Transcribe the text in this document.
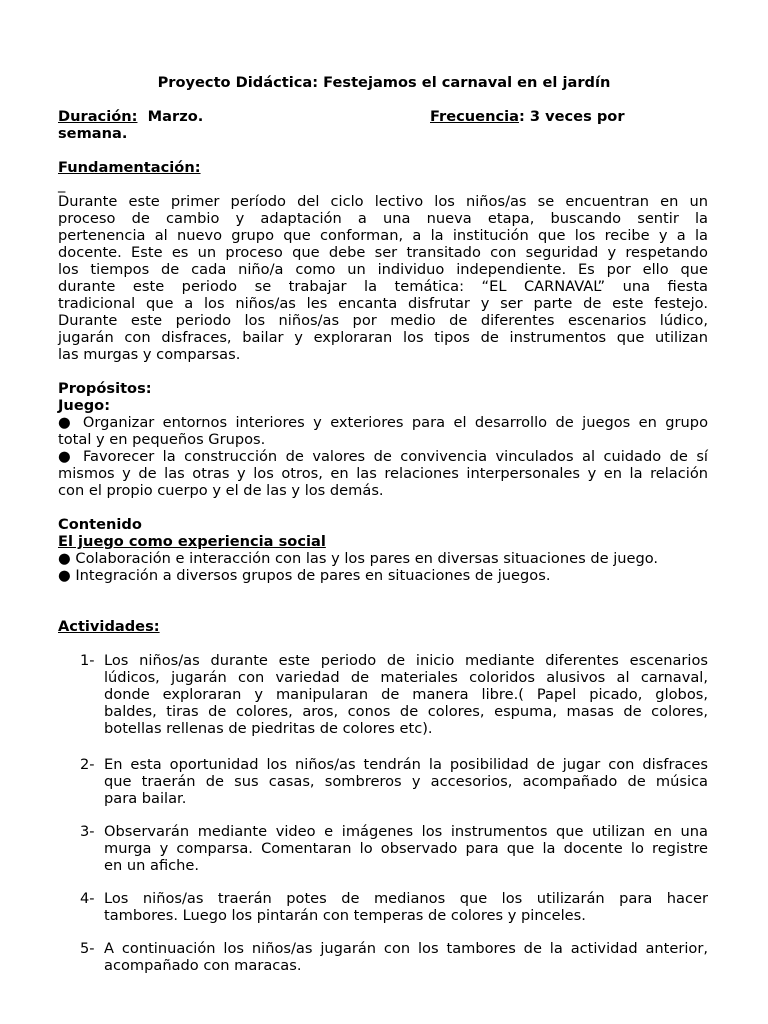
Proyecto Didáctica: Festejamos el carnaval en el jardín
Duración:  Marzo.	Frecuencia: 3 veces por
semana.
Fundamentación:
_
Durante este primer período del ciclo lectivo los niños/as se encuentran en un
proceso de cambio y adaptación a una nueva etapa, buscando sentir la
pertenencia al nuevo grupo que conforman, a la institución que los recibe y a la
docente. Este es un proceso que debe ser transitado con seguridad y respetando
los tiempos de cada niño/a como un individuo independiente. Es por ello que
durante este periodo se trabajar la temática: “EL CARNAVAL” una fiesta
tradicional que a los niños/as les encanta disfrutar y ser parte de este festejo.
Durante este periodo los niños/as por medio de diferentes escenarios lúdico,
jugarán con disfraces, bailar y exploraran los tipos de instrumentos que utilizan
las murgas y comparsas.
Propósitos:
Juego:
● Organizar entornos interiores y exteriores para el desarrollo de juegos en grupo
total y en pequeños Grupos.
● Favorecer la construcción de valores de convivencia vinculados al cuidado de sí
mismos y de las otras y los otros, en las relaciones interpersonales y en la relación
con el propio cuerpo y el de las y los demás.
Contenido
El juego como experiencia social
● Colaboración e interacción con las y los pares en diversas situaciones de juego.
● Integración a diversos grupos de pares en situaciones de juegos.
Actividades:
1- Los niños/as durante este periodo de inicio mediante diferentes escenarios
lúdicos, jugarán con variedad de materiales coloridos alusivos al carnaval,
donde exploraran y manipularan de manera libre.( Papel picado, globos,
baldes, tiras de colores, aros, conos de colores, espuma, masas de colores,
botellas rellenas de piedritas de colores etc).
2- En esta oportunidad los niños/as tendrán la posibilidad de jugar con disfraces
que traerán de sus casas, sombreros y accesorios, acompañado de música
para bailar.
3- Observarán mediante video e imágenes los instrumentos que utilizan en una
murga y comparsa. Comentaran lo observado para que la docente lo registre
en un afiche.
4- Los niños/as traerán potes de medianos que los utilizarán para hacer
tambores. Luego los pintarán con temperas de colores y pinceles.
5- A continuación los niños/as jugarán con los tambores de la actividad anterior,
acompañado con maracas.
